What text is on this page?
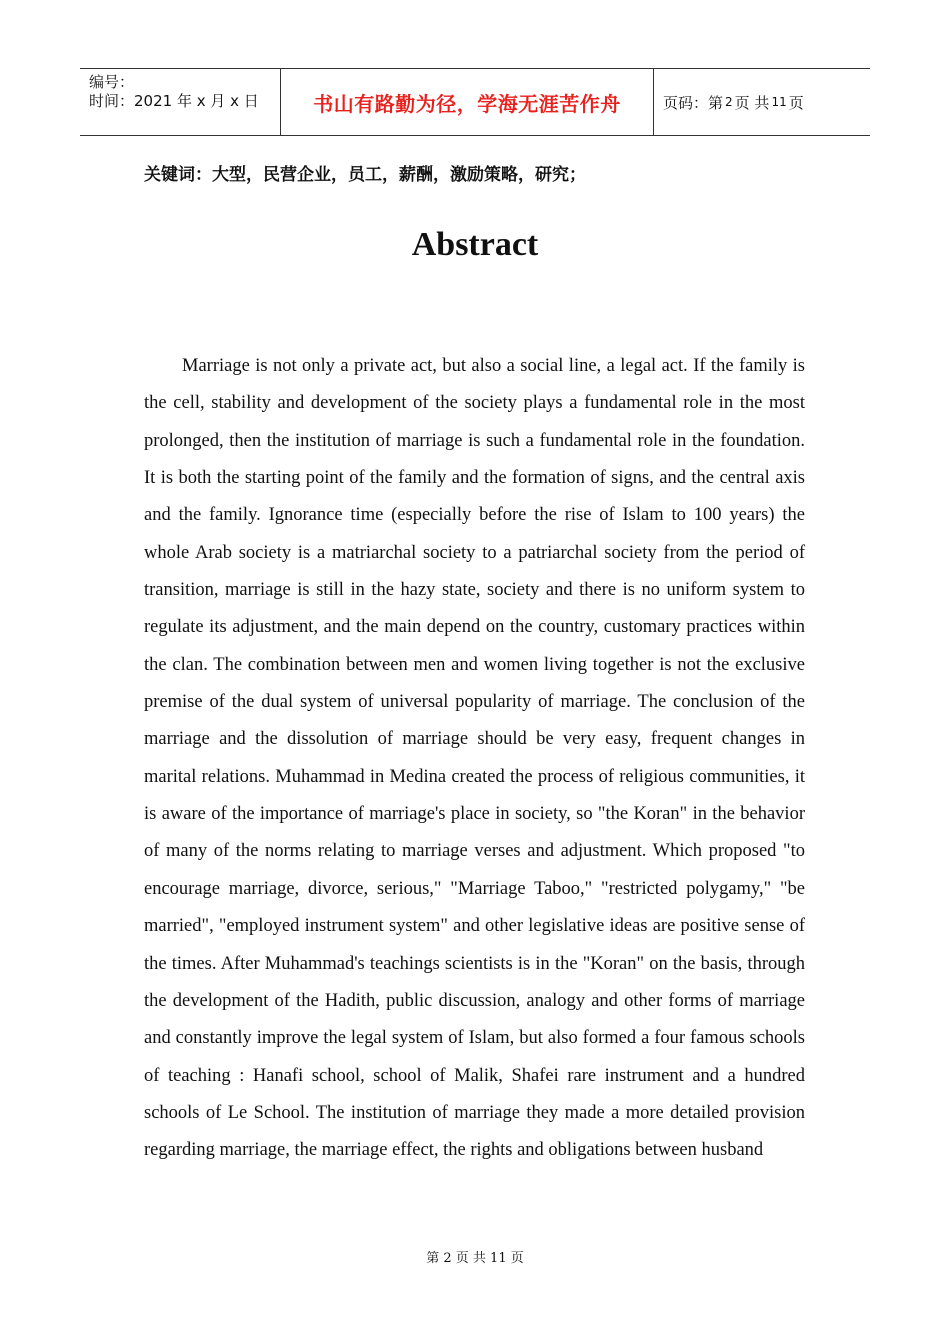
编号：
时间：2021 年 x 月 x 日	书山有路勤为径，学海无涯苦作舟	页码：第 2 页 共 11 页
关键词：大型，民营企业，员工，薪酬，激励策略，研究；
Abstract

Marriage is not only a private act, but also a social line, a legal act. If the family is the cell, stability and development of the society plays a fundamental role in the most prolonged, then the institution of marriage is such a fundamental role in the foundation. It is both the starting point of the family and the formation of signs, and the central axis and the family. Ignorance time (especially before the rise of Islam to 100 years) the whole Arab society is a matriarchal society to a patriarchal society from the period of transition, marriage is still in the hazy state, society and there is no uniform system to regulate its adjustment, and the main depend on the country, customary practices within the clan. The combination between men and women living together is not the exclusive premise of the dual system of universal popularity of marriage. The conclusion of the marriage and the dissolution of marriage should be very easy, frequent changes in marital relations. Muhammad in Medina created the process of religious communities, it is aware of the importance of marriage's place in society, so "the Koran" in the behavior of many of the norms relating to marriage verses and adjustment. Which proposed "to encourage marriage, divorce, serious," "Marriage Taboo," "restricted polygamy," "be married", "employed instrument system" and other legislative ideas are positive sense of the times. After Muhammad's teachings scientists is in the "Koran" on the basis, through the development of the Hadith, public discussion, analogy and other forms of marriage and constantly improve the legal system of Islam, but also formed a four famous schools of teaching : Hanafi school, school of Malik, Shafei rare instrument and a hundred schools of Le School. The institution of marriage they made a more detailed provision regarding marriage, the marriage effect, the rights and obligations between husband

第 2 页 共 11 页
